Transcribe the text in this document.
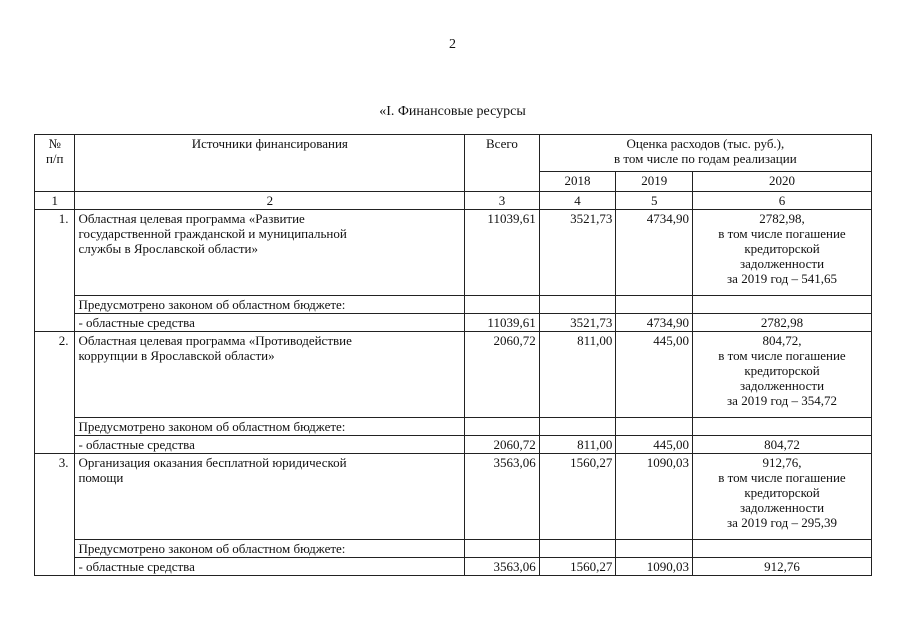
2
«I. Финансовые ресурсы
№
п/п	Источники финансирования	Всего	Оценка расходов (тыс. руб.),
в том числе по годам реализации		
			2018	2019	2020
1	2	3	4	5	6
1.	Областная целевая программа «Развитие
государственной гражданской и муниципальной
службы в Ярославской области»	11039,61	3521,73	4734,90	2782,98,
в том числе погашение
кредиторской
задолженности
за 2019 год – 541,65
	Предусмотрено законом об областном бюджете:				
	- областные средства	11039,61	3521,73	4734,90	2782,98
2.	Областная целевая программа «Противодействие
коррупции в Ярославской области»	2060,72	811,00	445,00	804,72,
в том числе погашение
кредиторской
задолженности
за 2019 год – 354,72
	Предусмотрено законом об областном бюджете:				
	- областные средства	2060,72	811,00	445,00	804,72
3.	Организация оказания бесплатной юридической
помощи	3563,06	1560,27	1090,03	912,76,
в том числе погашение
кредиторской
задолженности
за 2019 год – 295,39
	Предусмотрено законом об областном бюджете:				
	- областные средства	3563,06	1560,27	1090,03	912,76
